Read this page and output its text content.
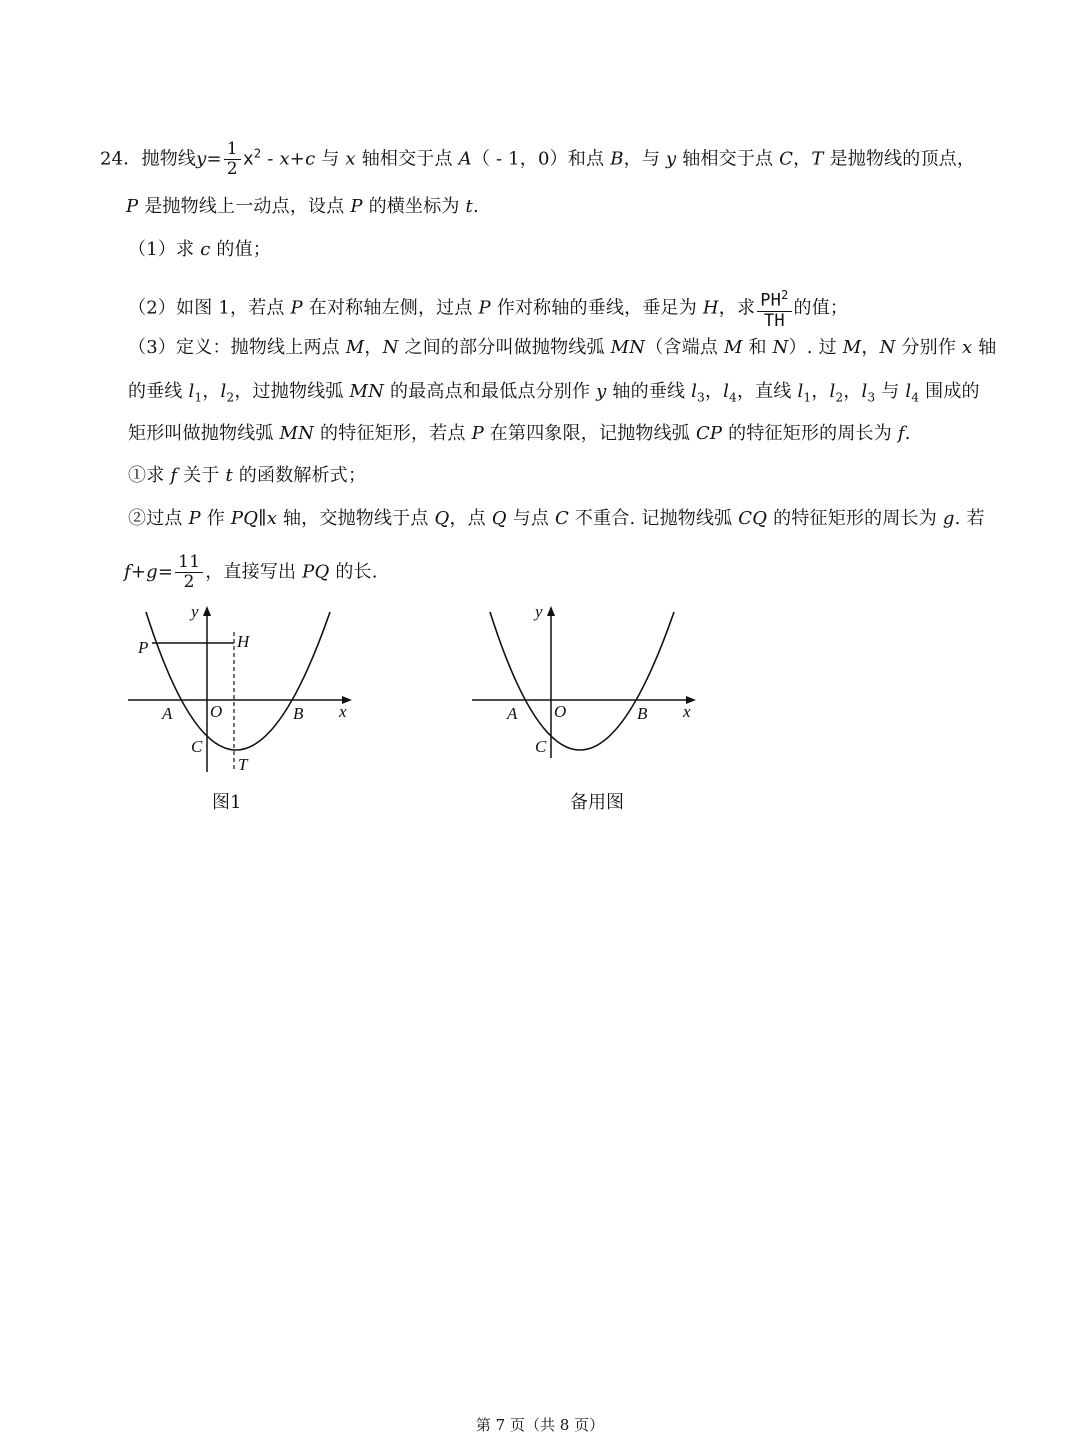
24．抛物线$y= \frac{1}{2} x^2 - x+c$ 与 x 轴相交于点 A（ - 1，0）和点 B，与 y 轴相交于点 C，T 是抛物线的顶点，
P 是抛物线上一动点，设点 P 的横坐标为 t.
（1）求 c 的值；
（2）如图 1，若点 P 在对称轴左侧，过点 P 作对称轴的垂线，垂足为 H，求 $\frac{PH^2}{TH}$ 的值；
（3）定义：抛物线上两点 M，N 之间的部分叫做抛物线弧 MN（含端点 M 和 N）. 过 M，N 分别作 x 轴
的垂线 $l_1$，$l_2$，过抛物线弧 MN 的最高点和最低点分别作 y 轴的垂线 $l_3$，$l_4$，直线 $l_1$，$l_2$，$l_3$ 与 $l_4$ 围成的
矩形叫做抛物线弧 MN 的特征矩形，若点 P 在第四象限，记抛物线弧 CP 的特征矩形的周长为 f.
①求 f 关于 t 的函数解析式；
②过点 P 作 PQ∥x 轴，交抛物线于点 Q，点 Q 与点 C 不重合. 记抛物线弧 CQ 的特征矩形的周长为 g. 若
$f+g= \frac{11}{2}$ ，直接写出 PQ 的长.
y
P	H
A O	B x
C
T
图1
y
A O	B x
C
备用图
第 7 页（共 8 页）
